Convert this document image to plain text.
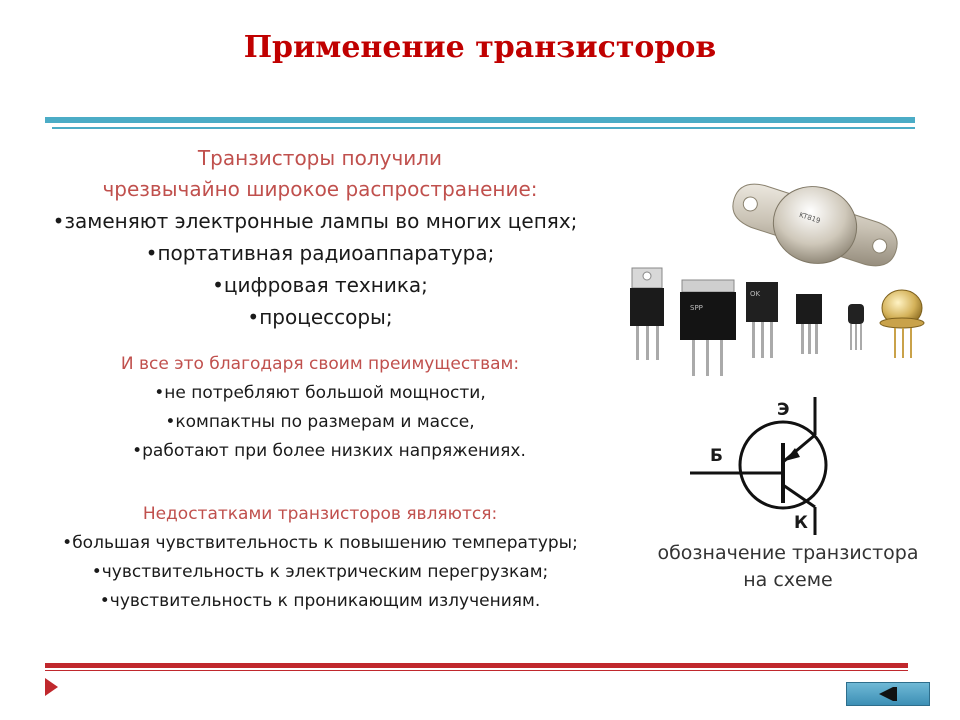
Применение транзисторов
Транзисторы получили
чрезвычайно широкое распространение:
• заменяют электронные лампы во многих цепях;
• портативная радиоаппаратура;
• цифровая техника;
• процессоры;
И все это благодаря своим преимуществам:
• не потребляют большой мощности,
• компактны по размерам и массе,
• работают при более низких напряжениях.
Недостатками транзисторов являются:
• большая чувствительность к повышению температуры;
• чувствительность к электрическим перегрузкам;
• чувствительность к проникающим излучениям.
KT819
SPP
OK
Э
Б
К
обозначение транзистора
на схеме
